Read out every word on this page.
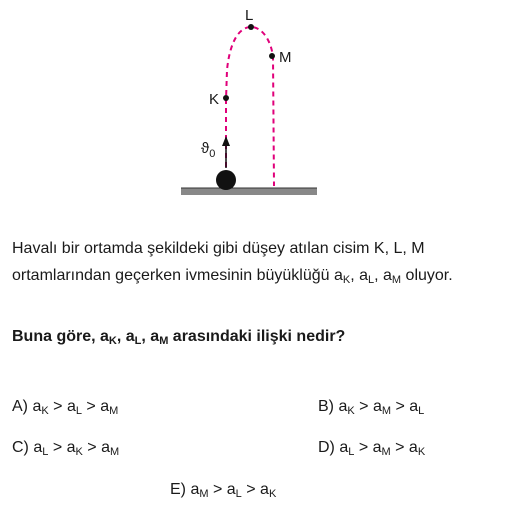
L
M
K
$ϑ_0$
Havalı bir ortamda şekildeki gibi düşey atılan cisim K, L, M ortamlarından geçerken ivmesinin büyüklüğü $a_K$, $a_L$, $a_M$ oluyor.
Buna göre, $a_K$, $a_L$, $a_M$ arasındaki ilişki nedir?
A) $a_K > a_L > a_M$	B) $a_K > a_M > a_L$
C) $a_L > a_K > a_M$	D) $a_L > a_M > a_K$
E) $a_M > a_L > a_K$
